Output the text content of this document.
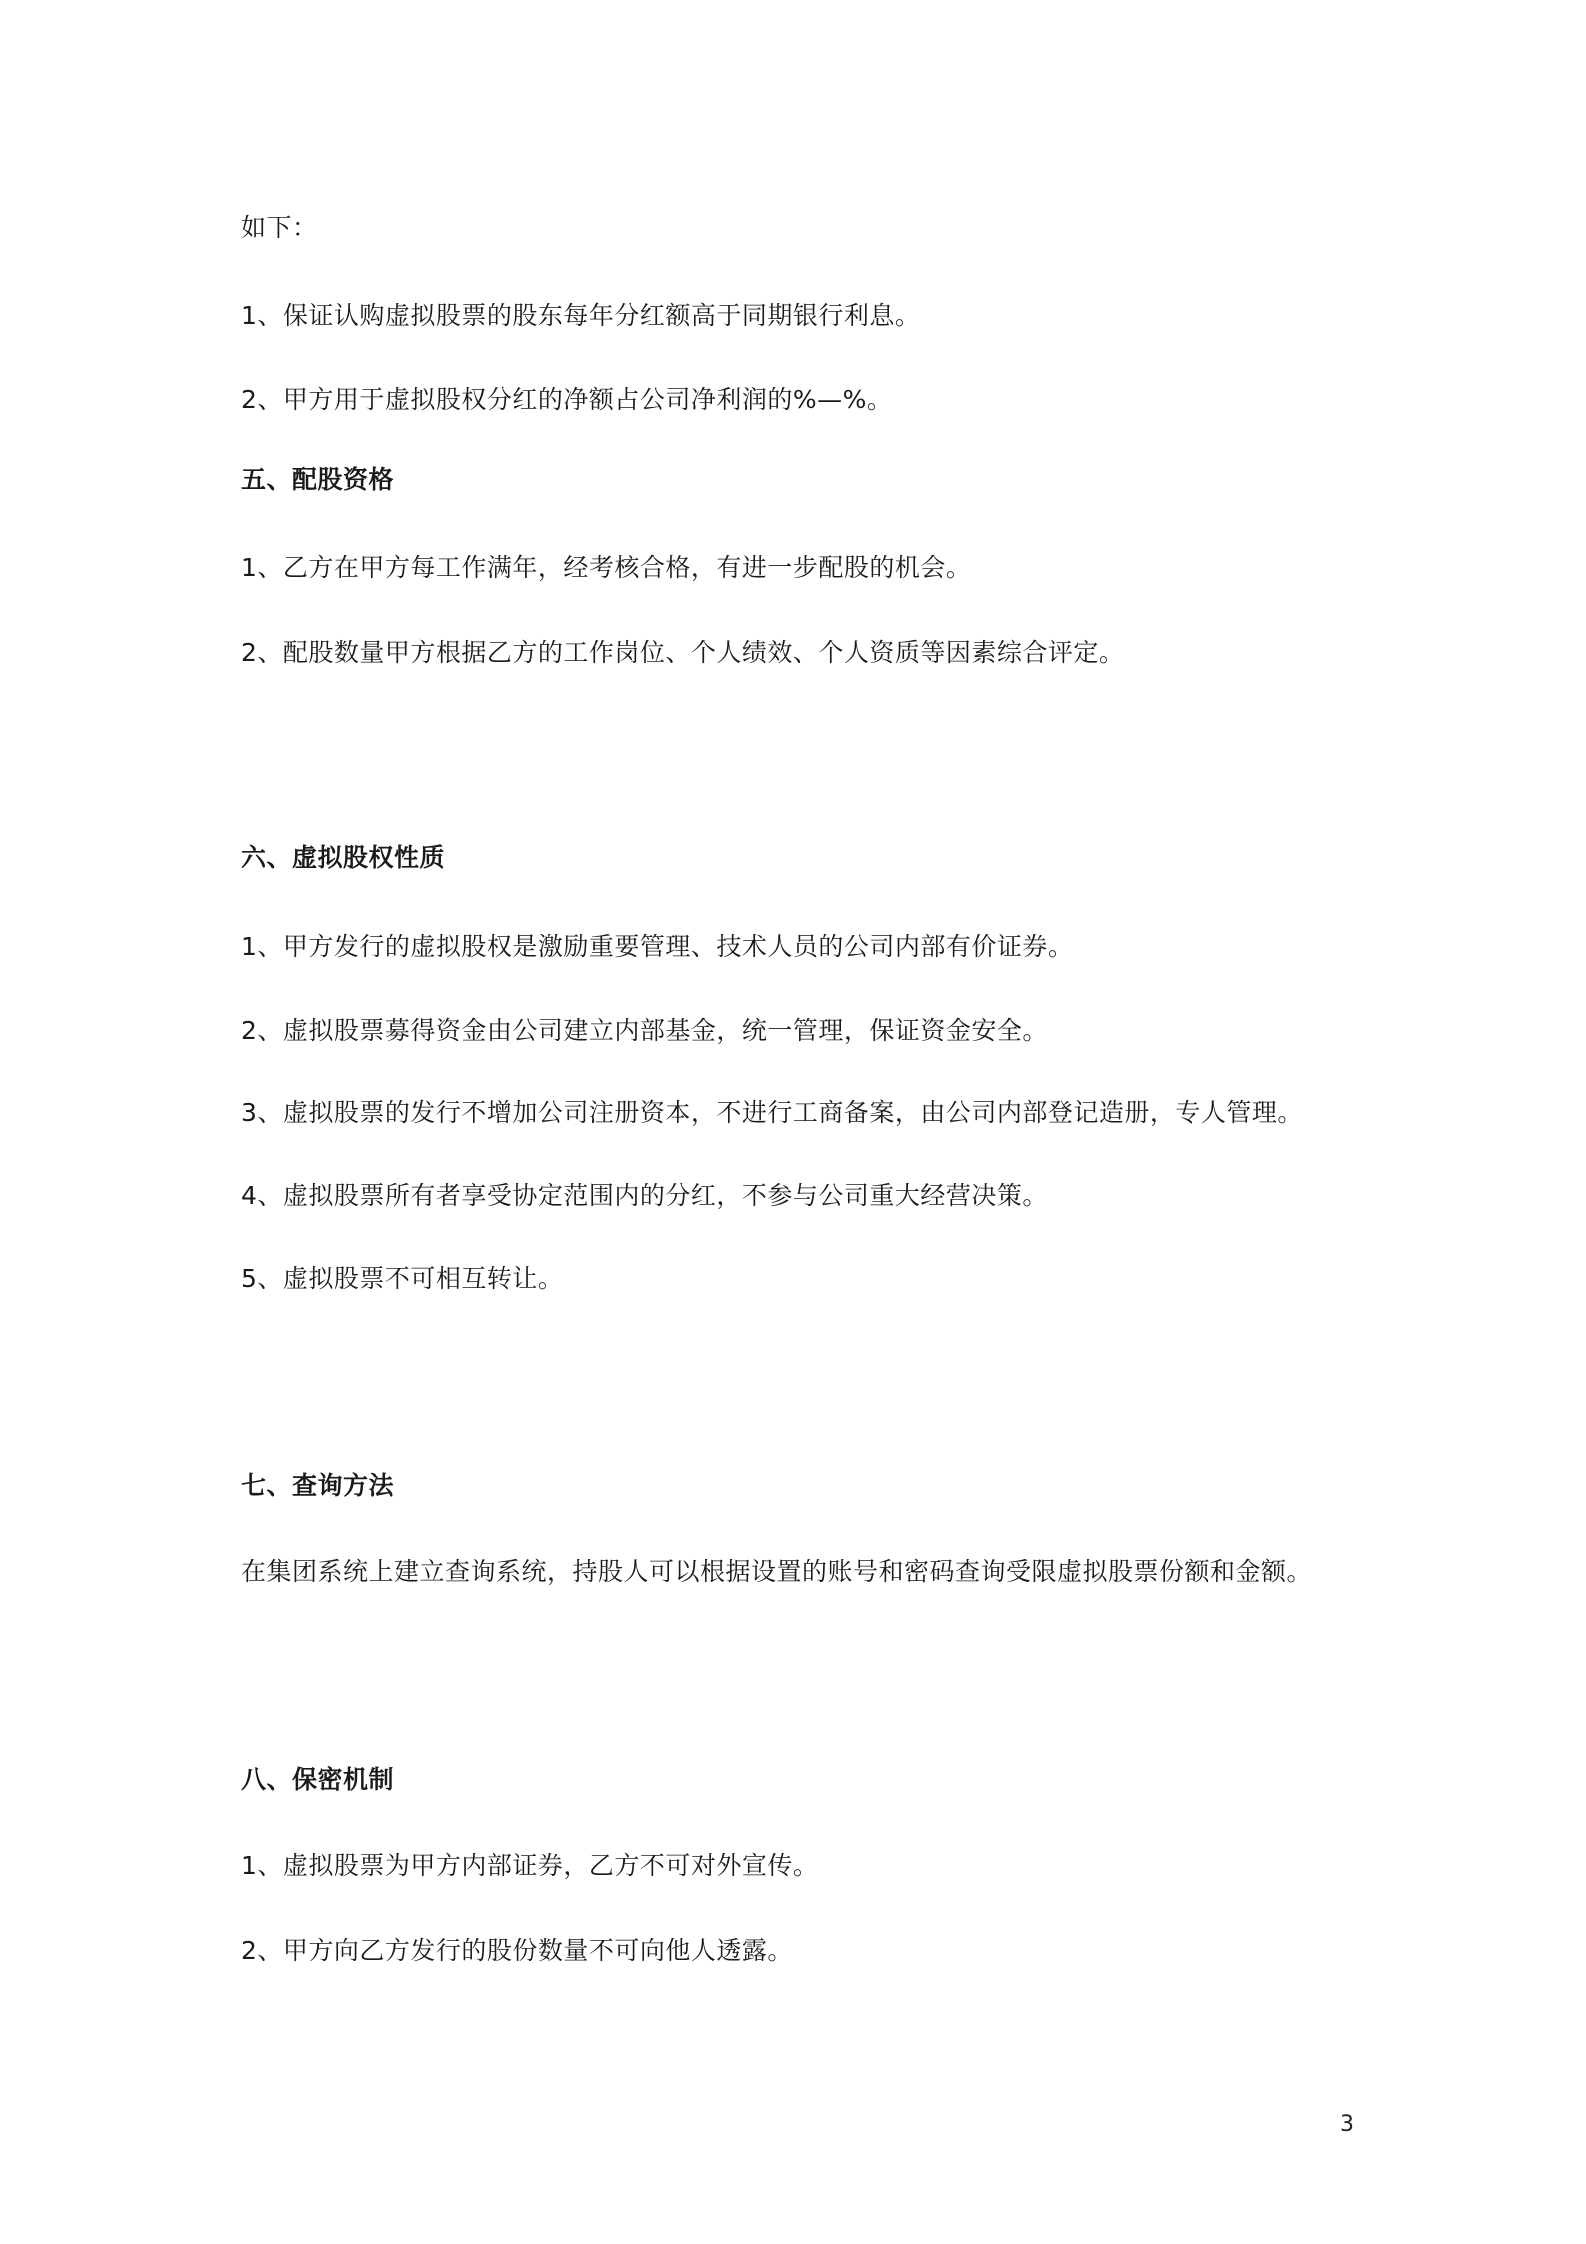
如下：
1、保证认购虚拟股票的股东每年分红额高于同期银行利息。
2、甲方用于虚拟股权分红的净额占公司净利润的%—%。
五、配股资格
1、乙方在甲方每工作满年，经考核合格，有进一步配股的机会。
2、配股数量甲方根据乙方的工作岗位、个人绩效、个人资质等因素综合评定。
六、虚拟股权性质
1、甲方发行的虚拟股权是激励重要管理、技术人员的公司内部有价证券。
2、虚拟股票募得资金由公司建立内部基金，统一管理，保证资金安全。
3、虚拟股票的发行不增加公司注册资本，不进行工商备案，由公司内部登记造册，专人管理。
4、虚拟股票所有者享受协定范围内的分红，不参与公司重大经营决策。
5、虚拟股票不可相互转让。
七、查询方法
在集团系统上建立查询系统，持股人可以根据设置的账号和密码查询受限虚拟股票份额和金额。
八、保密机制
1、虚拟股票为甲方内部证券，乙方不可对外宣传。
2、甲方向乙方发行的股份数量不可向他人透露。
3
